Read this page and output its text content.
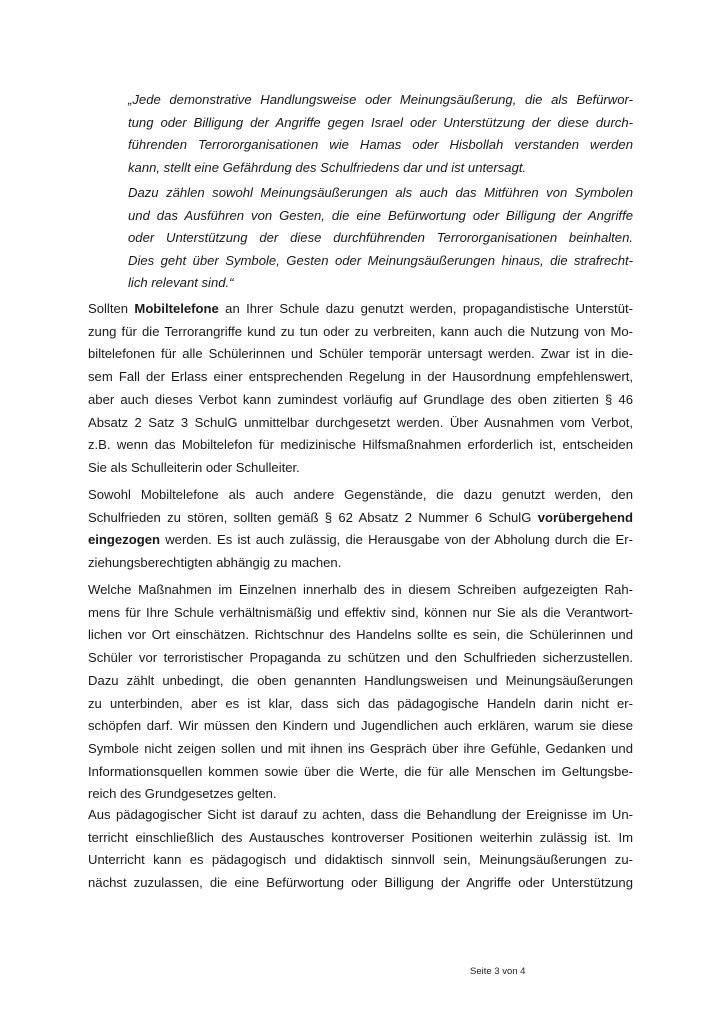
„Jede demonstrative Handlungsweise oder Meinungsäußerung, die als Befürwor-
tung oder Billigung der Angriffe gegen Israel oder Unterstützung der diese durch-
führenden Terrororganisationen wie Hamas oder Hisbollah verstanden werden
kann, stellt eine Gefährdung des Schulfriedens dar und ist untersagt.
Dazu zählen sowohl Meinungsäußerungen als auch das Mitführen von Symbolen
und das Ausführen von Gesten, die eine Befürwortung oder Billigung der Angriffe
oder Unterstützung der diese durchführenden Terrororganisationen beinhalten.
Dies geht über Symbole, Gesten oder Meinungsäußerungen hinaus, die strafrecht-
lich relevant sind.“
Sollten Mobiltelefone an Ihrer Schule dazu genutzt werden, propagandistische Unterstüt-
zung für die Terrorangriffe kund zu tun oder zu verbreiten, kann auch die Nutzung von Mo-
biltelefonen für alle Schülerinnen und Schüler temporär untersagt werden. Zwar ist in die-
sem Fall der Erlass einer entsprechenden Regelung in der Hausordnung empfehlenswert,
aber auch dieses Verbot kann zumindest vorläufig auf Grundlage des oben zitierten § 46
Absatz 2 Satz 3 SchulG unmittelbar durchgesetzt werden. Über Ausnahmen vom Verbot,
z.B. wenn das Mobiltelefon für medizinische Hilfsmaßnahmen erforderlich ist, entscheiden
Sie als Schulleiterin oder Schulleiter.
Sowohl Mobiltelefone als auch andere Gegenstände, die dazu genutzt werden, den
Schulfrieden zu stören, sollten gemäß § 62 Absatz 2 Nummer 6 SchulG vorübergehend
eingezogen werden. Es ist auch zulässig, die Herausgabe von der Abholung durch die Er-
ziehungsberechtigten abhängig zu machen.
Welche Maßnahmen im Einzelnen innerhalb des in diesem Schreiben aufgezeigten Rah-
mens für Ihre Schule verhältnismäßig und effektiv sind, können nur Sie als die Verantwort-
lichen vor Ort einschätzen. Richtschnur des Handelns sollte es sein, die Schülerinnen und
Schüler vor terroristischer Propaganda zu schützen und den Schulfrieden sicherzustellen.
Dazu zählt unbedingt, die oben genannten Handlungsweisen und Meinungsäußerungen
zu unterbinden, aber es ist klar, dass sich das pädagogische Handeln darin nicht er-
schöpfen darf. Wir müssen den Kindern und Jugendlichen auch erklären, warum sie diese
Symbole nicht zeigen sollen und mit ihnen ins Gespräch über ihre Gefühle, Gedanken und
Informationsquellen kommen sowie über die Werte, die für alle Menschen im Geltungsbe-
reich des Grundgesetzes gelten.
Aus pädagogischer Sicht ist darauf zu achten, dass die Behandlung der Ereignisse im Un-
terricht einschließlich des Austausches kontroverser Positionen weiterhin zulässig ist. Im
Unterricht kann es pädagogisch und didaktisch sinnvoll sein, Meinungsäußerungen zu-
nächst zuzulassen, die eine Befürwortung oder Billigung der Angriffe oder Unterstützung
Seite 3 von 4
